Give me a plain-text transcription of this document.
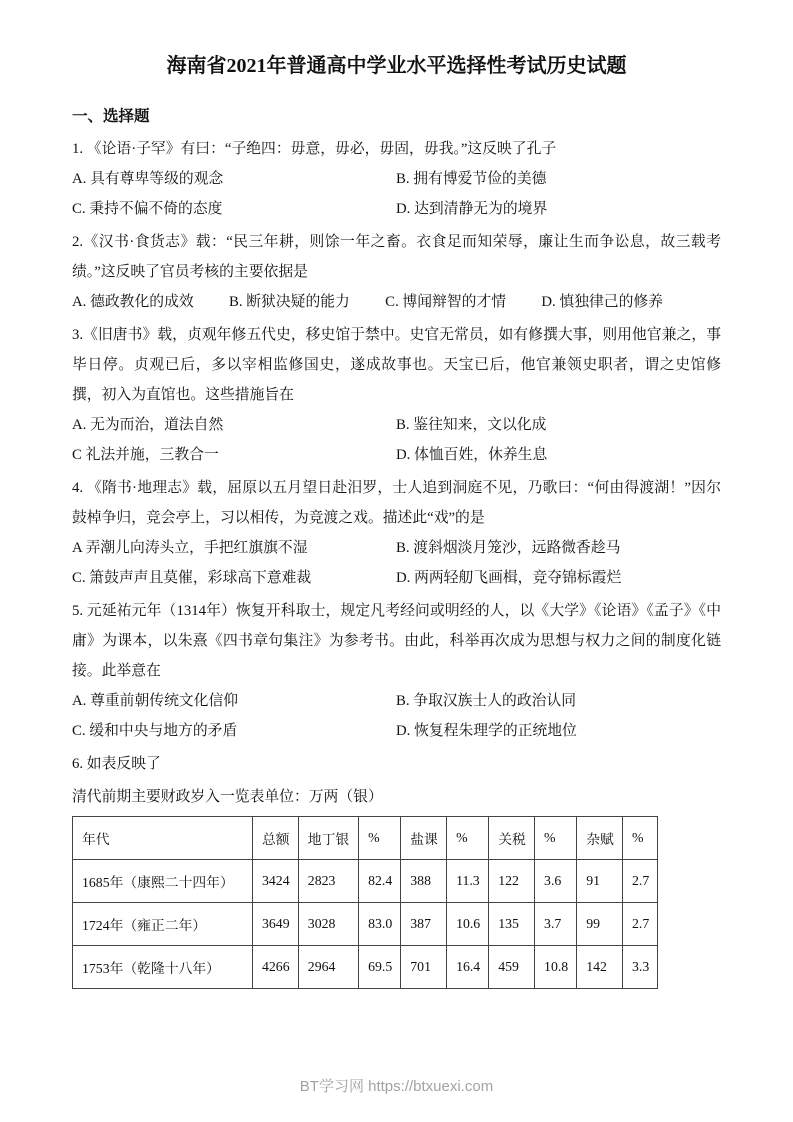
海南省2021年普通高中学业水平选择性考试历史试题
一、选择题

1. 《论语·子罕》有曰：“子绝四：毋意，毋必，毋固，毋我。”这反映了孔子

A. 具有尊卑等级的观念	B. 拥有博爱节俭的美德
C. 秉持不偏不倚的态度	D. 达到清静无为的境界

2.《汉书·食货志》载：“民三年耕，则馀一年之畜。衣食足而知荣辱，廉让生而争讼息，故三载考绩。”这反映了官员考核的主要依据是

A. 德政教化的成效 B. 断狱决疑的能力 C. 博闻辩智的才情 D. 慎独律己的修养

3.《旧唐书》载，贞观年修五代史，移史馆于禁中。史官无常员，如有修撰大事，则用他官兼之，事毕日停。贞观已后，多以宰相监修国史，遂成故事也。天宝已后，他官兼领史职者，谓之史馆修撰，初入为直馆也。这些措施旨在

A. 无为而治，道法自然	B. 鉴往知来，文以化成
C 礼法并施，三教合一	D. 体恤百姓，休养生息

4. 《隋书·地理志》载，屈原以五月望日赴汨罗，士人追到洞庭不见，乃歌曰：“何由得渡湖！”因尔鼓棹争归，竞会亭上，习以相传，为竞渡之戏。描述此“戏”的是

A 弄潮儿向涛头立，手把红旗旗不湿	B. 渡斜烟淡月笼沙，远路微香趁马
C. 箫鼓声声且莫催，彩球高下意难裁	D. 两两轻舠飞画楫，竞夺锦标霞烂

5. 元延祐元年（1314年）恢复开科取士，规定凡考经问或明经的人，以《大学》《论语》《孟子》《中庸》为课本，以朱熹《四书章句集注》为参考书。由此，科举再次成为思想与权力之间的制度化链接。此举意在

A. 尊重前朝传统文化信仰	B. 争取汉族士人的政治认同
C. 缓和中央与地方的矛盾	D. 恢复程朱理学的正统地位

6. 如表反映了

清代前期主要财政岁入一览表单位：万两（银）
年代	总额	地丁银	%	盐课	%	关税	%	杂赋	%
1685年（康熙二十四年）	3424	2823	82.4	388	11.3	122	3.6	91	2.7
1724年（雍正二年）	3649	3028	83.0	387	10.6	135	3.7	99	2.7
1753年（乾隆十八年）	4266	2964	69.5	701	16.4	459	10.8	142	3.3
BT学习网 https://btxuexi.com
